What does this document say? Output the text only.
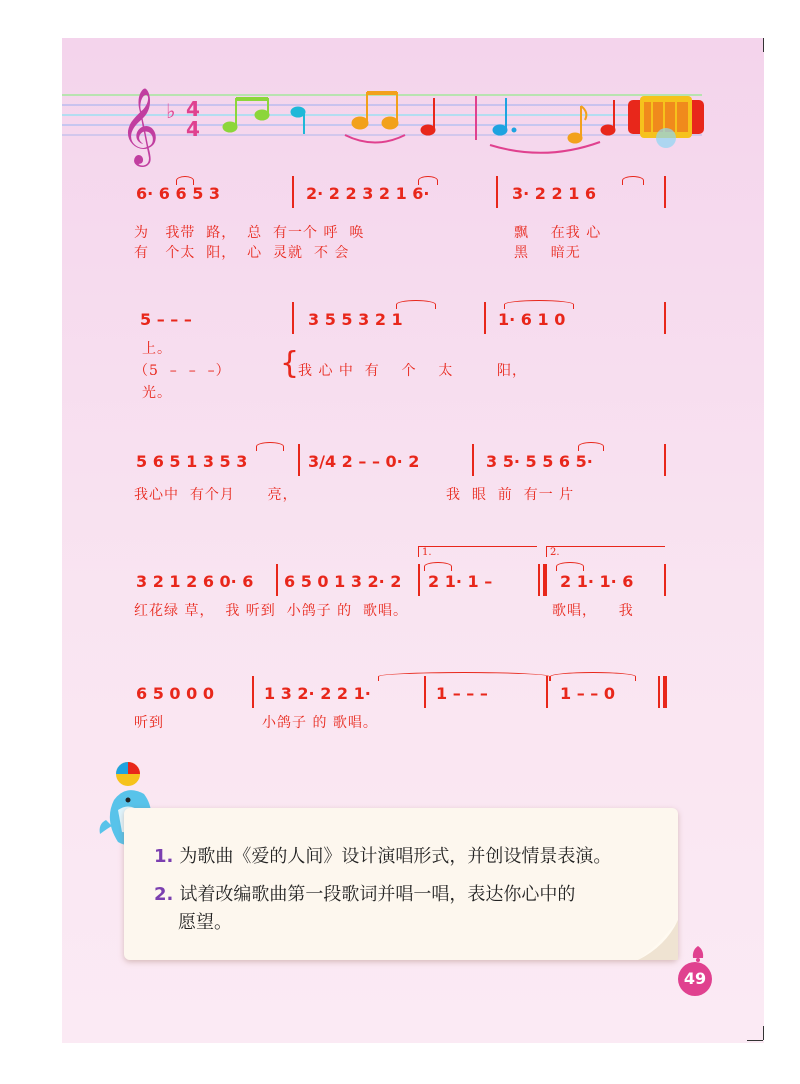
𝄞 ♭ 4
4
6· 6 6 5 3	2· 2 2 3 2 1 6·	3· 2 2 1 6
为   我带  路，  总  有一个 呼  唤	飘    在我 心
有   个太  阳，  心  灵就  不 会	黑    暗无
5 – – –	3 5 5 3 2 1	1· 6 1 0
上。
（5  –  –  –）	我 心 中  有    个    太        阳，
光。
{
5 6 5 1 3 5 3	3/4 2 – – 0· 2	3 5· 5 5 6 5·
我心中  有个月      亮，	我  眼  前  有一 片
1.	2.
3 2 1 2 6 0· 6 6 5 0 1 3 2· 2 2 1· 1 –	2 1· 1· 6
红花绿 草，  我 听到  小鸽子 的  歌唱。	歌唱，    我
6 5 0 0 0	1 3 2· 2 2 1·	1 – – –	1 – – 0
听到	小鸽子 的 歌唱。
1. 为歌曲《爱的人间》设计演唱形式，并创设情景表演。
2. 试着改编歌曲第一段歌词并唱一唱，表达你心中的
愿望。
49
